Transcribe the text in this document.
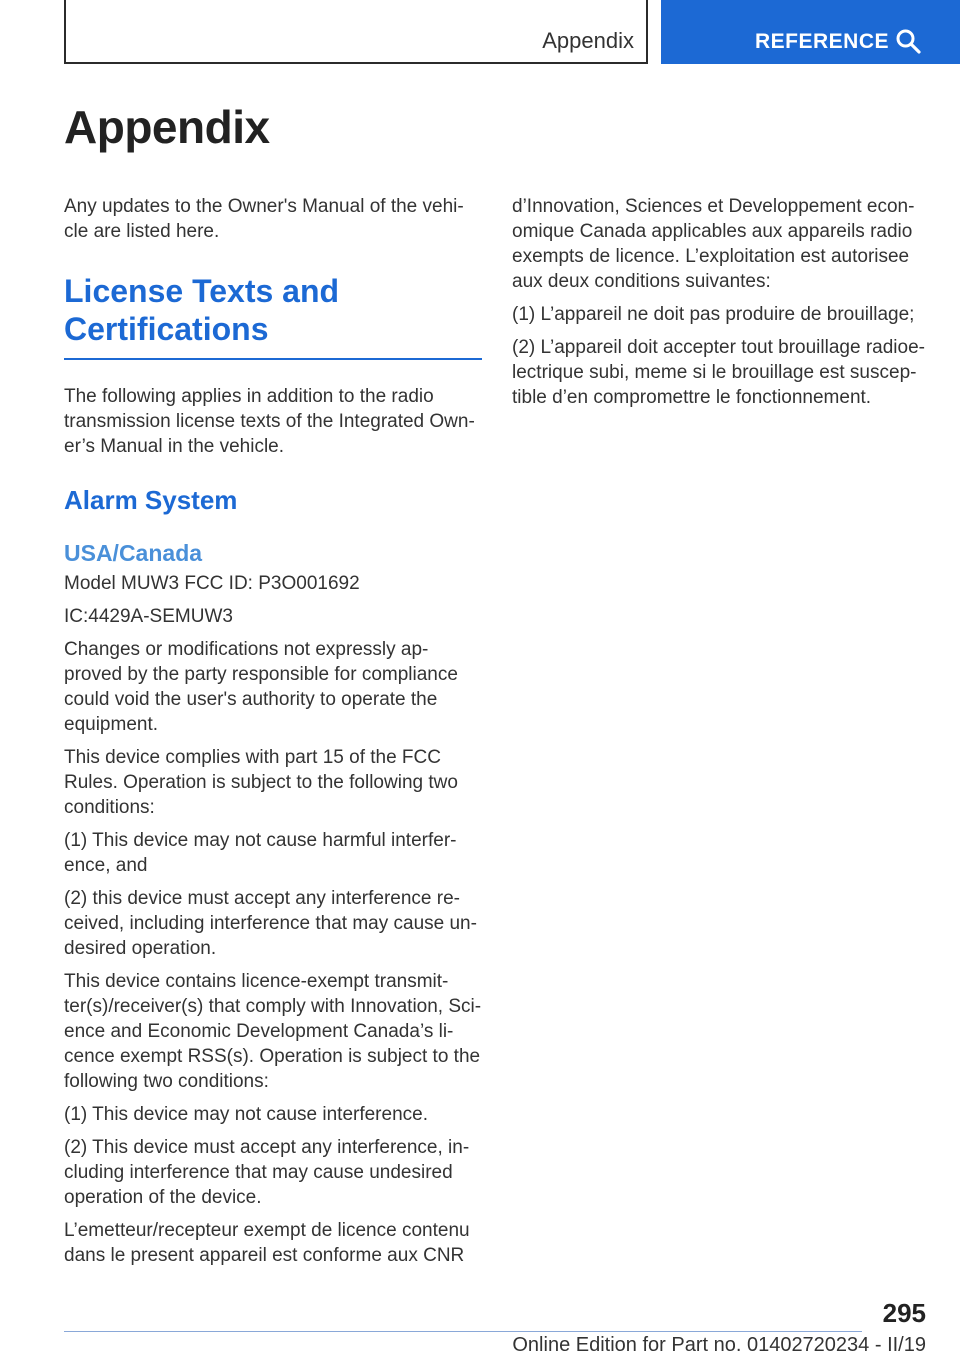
Appendix	REFERENCE
Appendix

Any updates to the Owner's Manual of the vehi-cle are listed here.

License Texts and Certifications

The following applies in addition to the radio transmission license texts of the Integrated Own-er’s Manual in the vehicle.

Alarm System
USA/Canada

Model MUW3 FCC ID: P3O001692

IC:4429A-SEMUW3

Changes or modifications not expressly ap-proved by the party responsible for compliance could void the user's authority to operate the equipment.

This device complies with part 15 of the FCC Rules. Operation is subject to the following two conditions:

(1) This device may not cause harmful interfer-ence, and

(2) this device must accept any interference re-ceived, including interference that may cause un-desired operation.

This device contains licence-exempt transmit-ter(s)/receiver(s) that comply with Innovation, Sci-ence and Economic Development Canada’s li-cence exempt RSS(s). Operation is subject to the following two conditions:

(1) This device may not cause interference.

(2) This device must accept any interference, in-cluding interference that may cause undesired operation of the device.

L’emetteur/recepteur exempt de licence contenu dans le present appareil est conforme aux CNR

d’Innovation, Sciences et Developpement econ-omique Canada applicables aux appareils radio exempts de licence. L’exploitation est autorisee aux deux conditions suivantes:

(1) L’appareil ne doit pas produire de brouillage;

(2) L’appareil doit accepter tout brouillage radioe-lectrique subi, meme si le brouillage est suscep-tible d’en compromettre le fonctionnement.

295
Online Edition for Part no. 01402720234 - II/19
